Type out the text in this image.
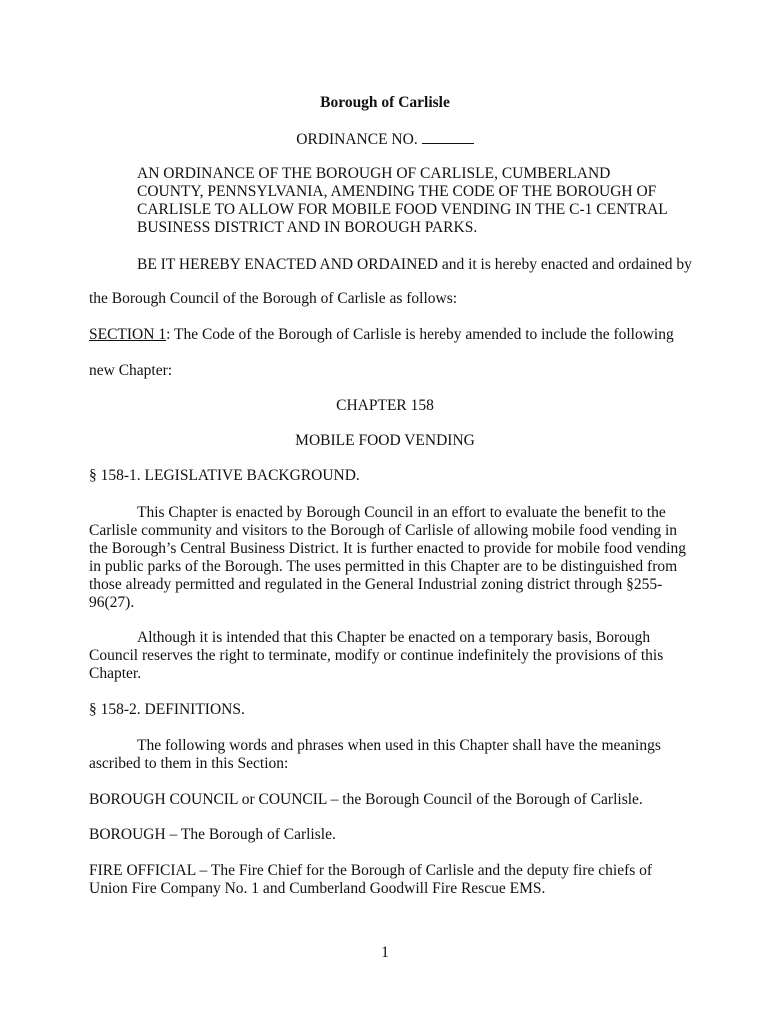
Borough of Carlisle
ORDINANCE NO.
AN ORDINANCE OF THE BOROUGH OF CARLISLE, CUMBERLAND
COUNTY, PENNSYLVANIA, AMENDING THE CODE OF THE BOROUGH OF
CARLISLE TO ALLOW FOR MOBILE FOOD VENDING IN THE C-1 CENTRAL
BUSINESS DISTRICT AND IN BOROUGH PARKS.
BE IT HEREBY ENACTED AND ORDAINED and it is hereby enacted and ordained by
the Borough Council of the Borough of Carlisle as follows:
SECTION 1: The Code of the Borough of Carlisle is hereby amended to include the following
new Chapter:
CHAPTER 158
MOBILE FOOD VENDING
§ 158-1. LEGISLATIVE BACKGROUND.
This Chapter is enacted by Borough Council in an effort to evaluate the benefit to the
Carlisle community and visitors to the Borough of Carlisle of allowing mobile food vending in
the Borough’s Central Business District. It is further enacted to provide for mobile food vending
in public parks of the Borough. The uses permitted in this Chapter are to be distinguished from
those already permitted and regulated in the General Industrial zoning district through §255-
96(27).
Although it is intended that this Chapter be enacted on a temporary basis, Borough
Council reserves the right to terminate, modify or continue indefinitely the provisions of this
Chapter.
§ 158-2. DEFINITIONS.
The following words and phrases when used in this Chapter shall have the meanings
ascribed to them in this Section:
BOROUGH COUNCIL or COUNCIL – the Borough Council of the Borough of Carlisle.
BOROUGH – The Borough of Carlisle.
FIRE OFFICIAL – The Fire Chief for the Borough of Carlisle and the deputy fire chiefs of
Union Fire Company No. 1 and Cumberland Goodwill Fire Rescue EMS.
1
